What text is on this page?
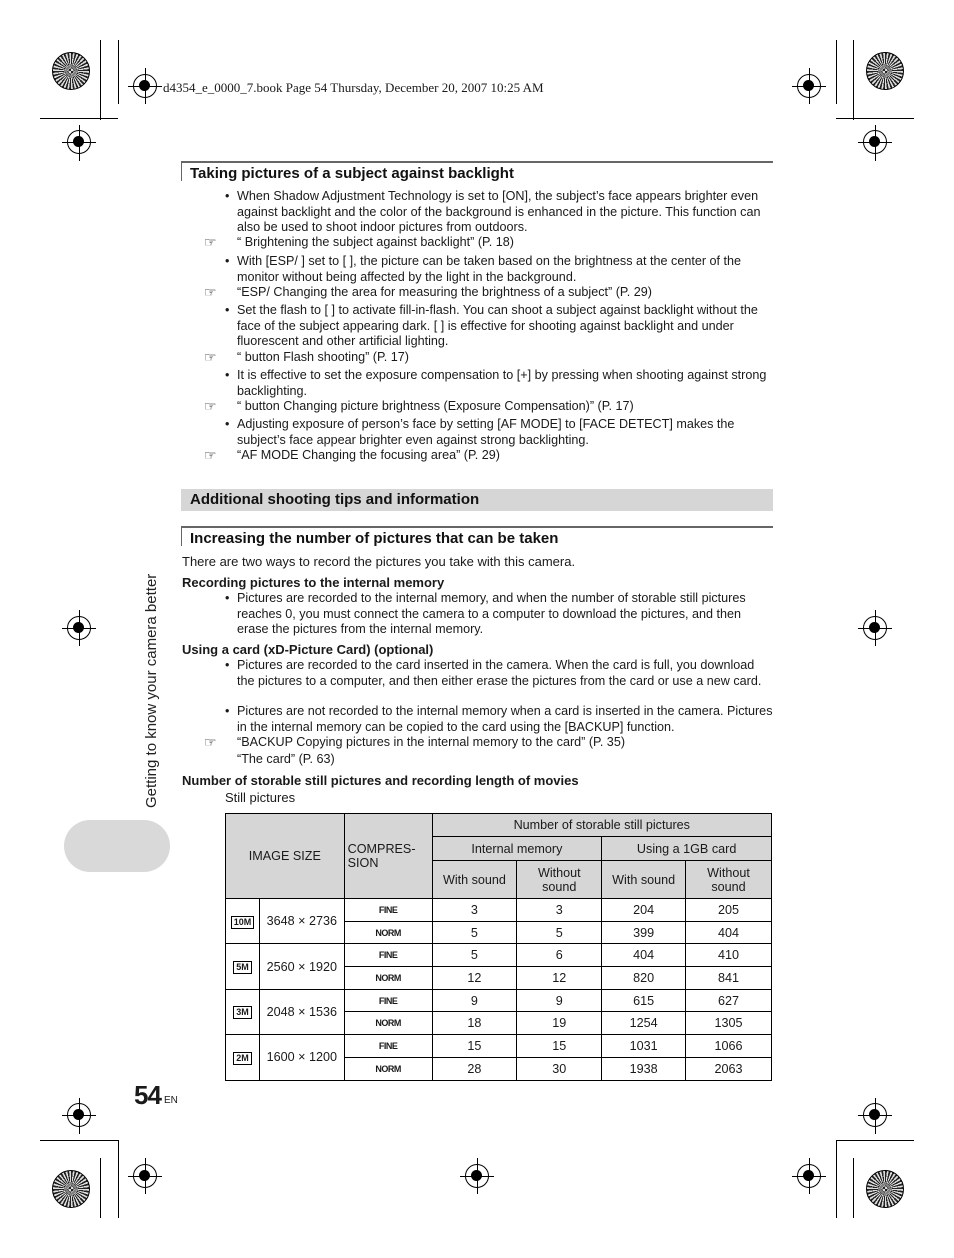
d4354_e_0000_7.book Page 54 Thursday, December 20, 2007 10:25 AM
Taking pictures of a subject against backlight
• When Shadow Adjustment Technology is set to [ON], the subject’s face appears brighter even against backlight and the color of the background is enhanced in the picture. This function can also be used to shoot indoor pictures from outdoors.
☞ “ Brightening the subject against backlight” (P. 18)
• With [ESP/ ] set to [ ], the picture can be taken based on the brightness at the center of the monitor without being affected by the light in the background.
☞ “ESP/ Changing the area for measuring the brightness of a subject” (P. 29)
• Set the flash to [ ] to activate fill-in-flash. You can shoot a subject against backlight without the face of the subject appearing dark. [ ] is effective for shooting against backlight and under fluorescent and other artificial lighting.
☞ “ button Flash shooting” (P. 17)
• It is effective to set the exposure compensation to [+] by pressing when shooting against strong backlighting.
☞ “ button Changing picture brightness (Exposure Compensation)” (P. 17)
• Adjusting exposure of person’s face by setting [AF MODE] to [FACE DETECT] makes the subject’s face appear brighter even against strong backlighting.
☞ “AF MODE Changing the focusing area” (P. 29)
Additional shooting tips and information
Increasing the number of pictures that can be taken
There are two ways to record the pictures you take with this camera.
Recording pictures to the internal memory
• Pictures are recorded to the internal memory, and when the number of storable still pictures reaches 0, you must connect the camera to a computer to download the pictures, and then erase the pictures from the internal memory.
Using a card (xD-Picture Card) (optional)
• Pictures are recorded to the card inserted in the camera. When the card is full, you download the pictures to a computer, and then either erase the pictures from the card or use a new card.
• Pictures are not recorded to the internal memory when a card is inserted in the camera. Pictures in the internal memory can be copied to the card using the [BACKUP] function.
☞ “BACKUP Copying pictures in the internal memory to the card” (P. 35)
“The card” (P. 63)
Number of storable still pictures and recording length of movies
Still pictures
IMAGE SIZE		COMPRES-
SION	Number of storable still pictures			
			Internal memory		Using a 1GB card	
			With sound	Without sound	With sound	Without sound
10M	3648 × 2736	FINE	3	3	204	205
		NORM	5	5	399	404
5M	2560 × 1920	FINE	5	6	404	410
		NORM	12	12	820	841
3M	2048 × 1536	FINE	9	9	615	627
		NORM	18	19	1254	1305
2M	1600 × 1200	FINE	15	15	1031	1066
		NORM	28	30	1938	2063
Getting to know your camera better
54 EN
